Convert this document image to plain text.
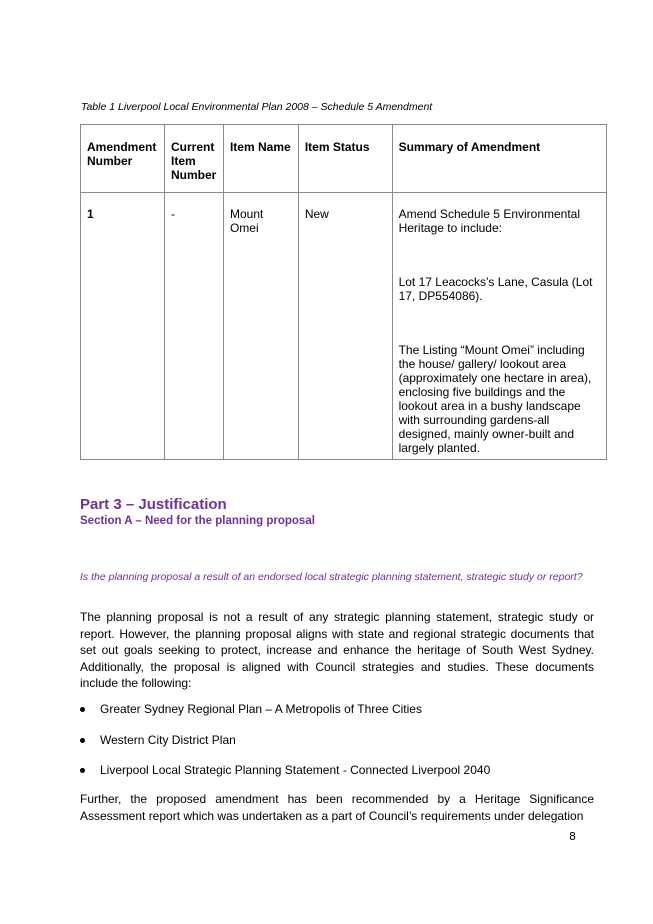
Table 1 Liverpool Local Environmental Plan 2008 – Schedule 5 Amendment
Amendment Number	Current Item Number	Item Name	Item Status	Summary of Amendment
1	-	Mount Omei	New	Amend Schedule 5 Environmental Heritage to include:

Lot 17 Leacocks’s Lane, Casula (Lot 17, DP554086).

The Listing “Mount Omei” including the house/ gallery/ lookout area (approximately one hectare in area), enclosing five buildings and the lookout area in a bushy landscape with surrounding gardens-all designed, mainly owner-built and largely planted.

Part 3 – Justification
Section A – Need for the planning proposal
Is the planning proposal a result of an endorsed local strategic planning statement, strategic study or report?

The planning proposal is not a result of any strategic planning statement, strategic study or report. However, the planning proposal aligns with state and regional strategic documents that set out goals seeking to protect, increase and enhance the heritage of South West Sydney. Additionally, the proposal is aligned with Council strategies and studies. These documents include the following:

Greater Sydney Regional Plan – A Metropolis of Three Cities
Western City District Plan
Liverpool Local Strategic Planning Statement - Connected Liverpool 2040

Further, the proposed amendment has been recommended by a Heritage Significance Assessment report which was undertaken as a part of Council’s requirements under delegation

8
